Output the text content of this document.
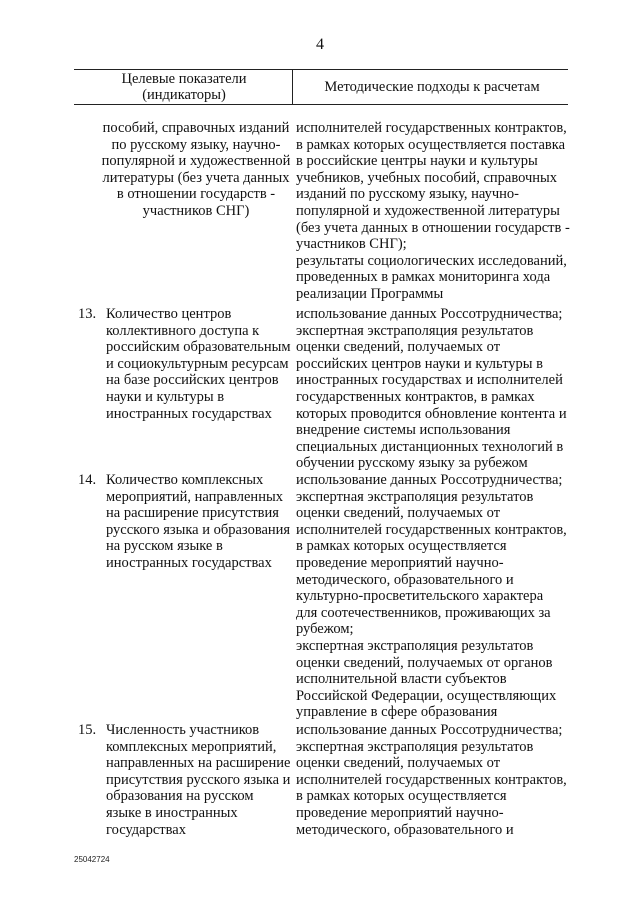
4
Целевые показатели
(индикаторы)	Методические подходы к расчетам
пособий, справочных изданий
по русскому языку, научно-
популярной и художественной
литературы (без учета данных
в отношении государств -
участников СНГ)
исполнителей государственных контрактов,
в рамках которых осуществляется поставка
в российские центры науки и культуры
учебников, учебных пособий, справочных
изданий по русскому языку, научно-
популярной и художественной литературы
(без учета данных в отношении государств -
участников СНГ);
результаты социологических исследований,
проведенных в рамках мониторинга хода
реализации Программы
13. Количество центров
коллективного доступа к
российским образовательным
и социокультурным ресурсам
на базе российских центров
науки и культуры в
иностранных государствах
использование данных Россотрудничества;
экспертная экстраполяция результатов
оценки сведений, получаемых от
российских центров науки и культуры в
иностранных государствах и исполнителей
государственных контрактов, в рамках
которых проводится обновление контента и
внедрение системы использования
специальных дистанционных технологий в
обучении русскому языку за рубежом
14. Количество комплексных
мероприятий, направленных
на расширение присутствия
русского языка и образования
на русском языке в
иностранных государствах
использование данных Россотрудничества;
экспертная экстраполяция результатов
оценки сведений, получаемых от
исполнителей государственных контрактов,
в рамках которых осуществляется
проведение мероприятий научно-
методического, образовательного и
культурно-просветительского характера
для соотечественников, проживающих за
рубежом;
экспертная экстраполяция результатов
оценки сведений, получаемых от органов
исполнительной власти субъектов
Российской Федерации, осуществляющих
управление в сфере образования
15. Численность участников
комплексных мероприятий,
направленных на расширение
присутствия русского языка и
образования на русском
языке в иностранных
государствах
использование данных Россотрудничества;
экспертная экстраполяция результатов
оценки сведений, получаемых от
исполнителей государственных контрактов,
в рамках которых осуществляется
проведение мероприятий научно-
методического, образовательного и
25042724
